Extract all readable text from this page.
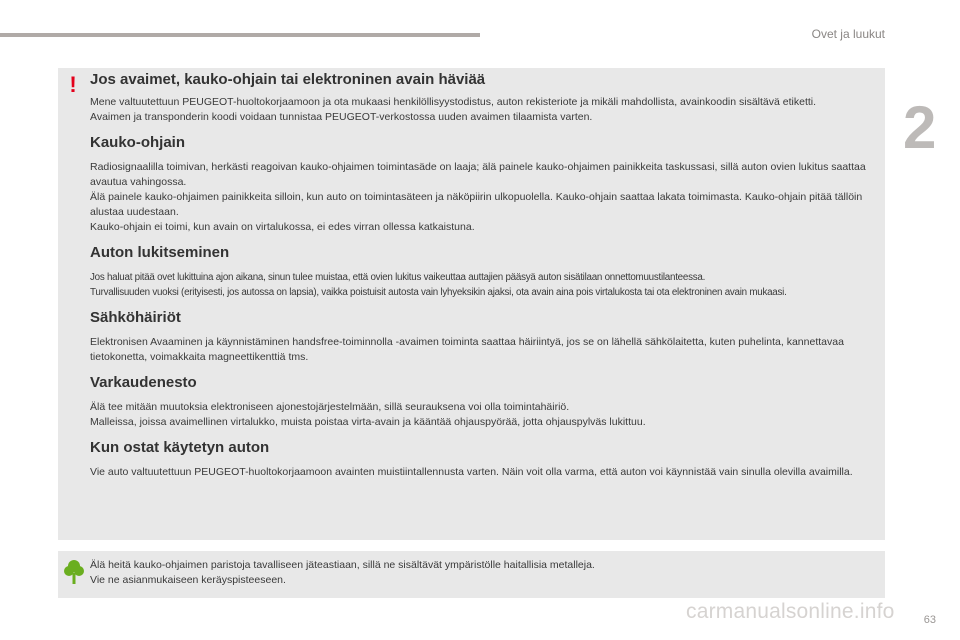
Ovet ja luukut
2
! Jos avaimet, kauko-ohjain tai elektroninen avain häviää

Mene valtuutettuun PEUGEOT-huoltokorjaamoon ja ota mukaasi henkilöllisyystodistus, auton rekisteriote ja mikäli mahdollista, avainkoodin sisältävä etiketti.

Avaimen ja transponderin koodi voidaan tunnistaa PEUGEOT-verkostossa uuden avaimen tilaamista varten.

Kauko-ohjain

Radiosignaalilla toimivan, herkästi reagoivan kauko-ohjaimen toimintasäde on laaja; älä painele kauko-ohjaimen painikkeita taskussasi, sillä auton ovien lukitus saattaa avautua vahingossa.

Älä painele kauko-ohjaimen painikkeita silloin, kun auto on toimintasäteen ja näköpiirin ulkopuolella. Kauko-ohjain saattaa lakata toimimasta. Kauko-ohjain pitää tällöin alustaa uudestaan.

Kauko-ohjain ei toimi, kun avain on virtalukossa, ei edes virran ollessa katkaistuna.

Auton lukitseminen

Jos haluat pitää ovet lukittuina ajon aikana, sinun tulee muistaa, että ovien lukitus vaikeuttaa auttajien pääsyä auton sisätilaan onnettomuustilanteessa.

Turvallisuuden vuoksi (erityisesti, jos autossa on lapsia), vaikka poistuisit autosta vain lyhyeksikin ajaksi, ota avain aina pois virtalukosta tai ota elektroninen avain mukaasi.

Sähköhäiriöt

Elektronisen Avaaminen ja käynnistäminen handsfree-toiminnolla -avaimen toiminta saattaa häiriintyä, jos se on lähellä sähkölaitetta, kuten puhelinta, kannettavaa tietokonetta, voimakkaita magneettikenttiä tms.

Varkaudenesto

Älä tee mitään muutoksia elektroniseen ajonestojärjestelmään, sillä seurauksena voi olla toimintahäiriö.

Malleissa, joissa avaimellinen virtalukko, muista poistaa virta-avain ja kääntää ohjauspyörää, jotta ohjauspylväs lukittuu.

Kun ostat käytetyn auton

Vie auto valtuutettuun PEUGEOT-huoltokorjaamoon avainten muistiintallennusta varten. Näin voit olla varma, että auton voi käynnistää vain sinulla olevilla avaimilla.

Älä heitä kauko-ohjaimen paristoja tavalliseen jäteastiaan, sillä ne sisältävät ympäristölle haitallisia metalleja.

Vie ne asianmukaiseen keräyspisteeseen.

carmanualsonline.info	63
